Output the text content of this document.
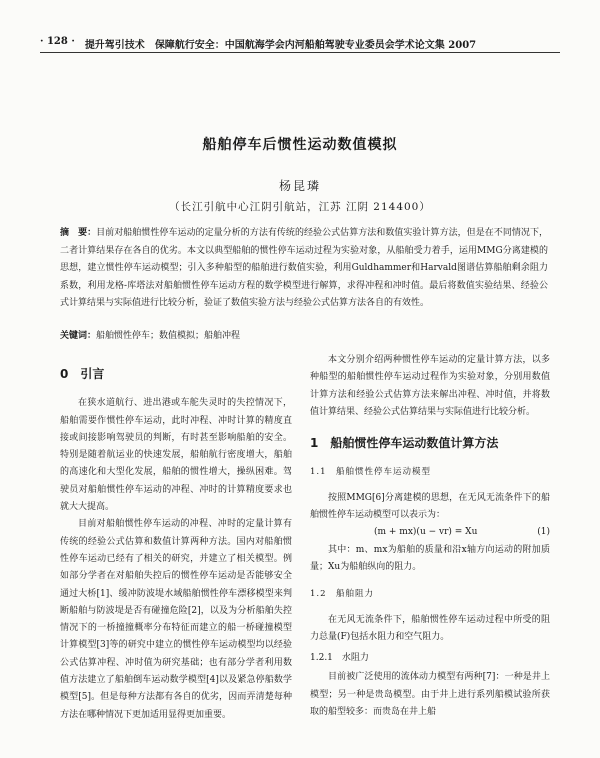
· 128 · 提升驾引技术 保障航行安全：中国航海学会内河船舶驾驶专业委员会学术论文集 2007
船舶停车后惯性运动数值模拟
杨昆璘
（长江引航中心江阴引航站，江苏 江阴 214400）
摘　要：目前对船舶惯性停车运动的定量分析的方法有传统的经验公式估算方法和数值实验计算方法，但是在不同情况下，二者计算结果存在各自的优劣。本文以典型船舶的惯性停车运动过程为实验对象，从船舶受力着手，运用MMG分离建模的思想，建立惯性停车运动模型；引入多种船型的船舶进行数值实验，利用Guldhammer和Harvald图谱估算船舶剩余阻力系数，利用龙格-库塔法对船舶惯性停车运动方程的数学模型进行解算，求得冲程和冲时值。最后将数值实验结果、经验公式计算结果与实际值进行比较分析，验证了数值实验方法与经验公式估算方法各自的有效性。
关键词：船舶惯性停车；数值模拟；船舶冲程
0　引言

在狭水道航行、进出港或车舵失灵时的失控情况下，船舶需要作惯性停车运动，此时冲程、冲时计算的精度直接或间接影响驾驶员的判断，有时甚至影响船舶的安全。特别是随着航运业的快速发展，船舶航行密度增大，船舶的高速化和大型化发展，船舶的惯性增大，操纵困难。驾驶员对船舶惯性停车运动的冲程、冲时的计算精度要求也就大大提高。

目前对船舶惯性停车运动的冲程、冲时的定量计算有传统的经验公式估算和数值计算两种方法。国内对船舶惯性停车运动已经有了相关的研究，并建立了相关模型。例如部分学者在对船舶失控后的惯性停车运动是否能够安全通过大桥[1]、缓冲防波堤水域船舶惯性停车漂移模型来判断船舶与防波堤是否有碰撞危险[2]，以及为分析船舶失控情况下的一桥撞撞概率分布特征而建立的船一桥碰撞模型计算模型[3]等的研究中建立的惯性停车运动模型均以经验公式估算冲程、冲时值为研究基础；也有部分学者利用数值方法建立了船舶倒车运动数学模型[4]以及紧急停船数学模型[5]。但是每种方法都有各自的优劣，因而弄清楚每种方法在哪种情况下更加适用显得更加重要。

本文分别介绍两种惯性停车运动的定量计算方法，以多种船型的船舶惯性停车运动过程作为实验对象，分别用数值计算方法和经验公式估算方法来解出冲程、冲时值，并将数值计算结果、经验公式估算结果与实际值进行比较分析。

1　船舶惯性停车运动数值计算方法
1.1　船舶惯性停车运动模型

按照MMG[6]分离建模的思想，在无风无流条件下的船舶惯性停车运动模型可以表示为：

(m + mx)(u − vr) = Xu	(1)

其中：m、mx为船舶的质量和沿x轴方向运动的附加质量；Xu为船舶纵向的阻力。

1.2　船舶阻力

在无风无流条件下，船舶惯性停车运动过程中所受的阻力总量(F)包括水阻力和空气阻力。

1.2.1　水阻力

目前被广泛使用的流体动力模型有两种[7]：一种是井上模型；另一种是贵岛模型。由于井上进行系列船模试验所获取的船型较多：而贵岛在井上船
